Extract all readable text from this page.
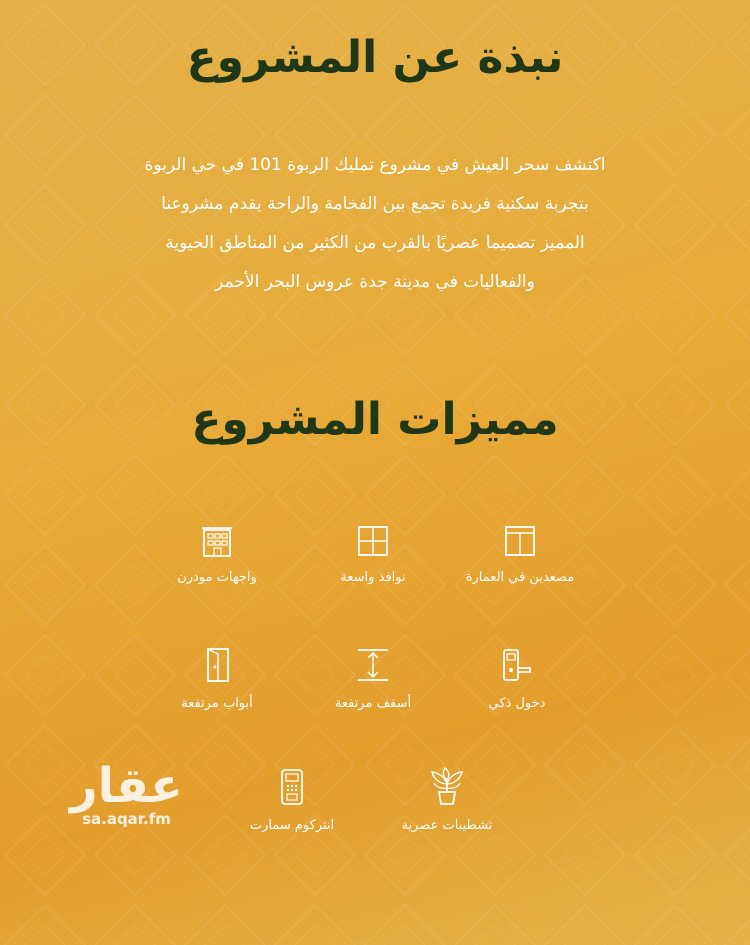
نبذة عن المشروع

اكتشف سحر العيش في مشروع تمليك الربوة 101 في حي الربوة
بتجربة سكنية فريدة تجمع بين الفخامة والراحة يقدم مشروعنا
المميز تصميما عصريًا بالقرب من الكثير من المناطق الحيوية
والفعاليات في مدينة جدة عروس البحر الأحمر

مميزات المشروع
مصعدين في العمارة
نوافذ واسعة
واجهات مودرن
دخول ذكي
أسقف مرتفعة
أبواب مرتفعة
تشطيبات عصرية
انتركوم سمارت
عقار
sa.aqar.fm
